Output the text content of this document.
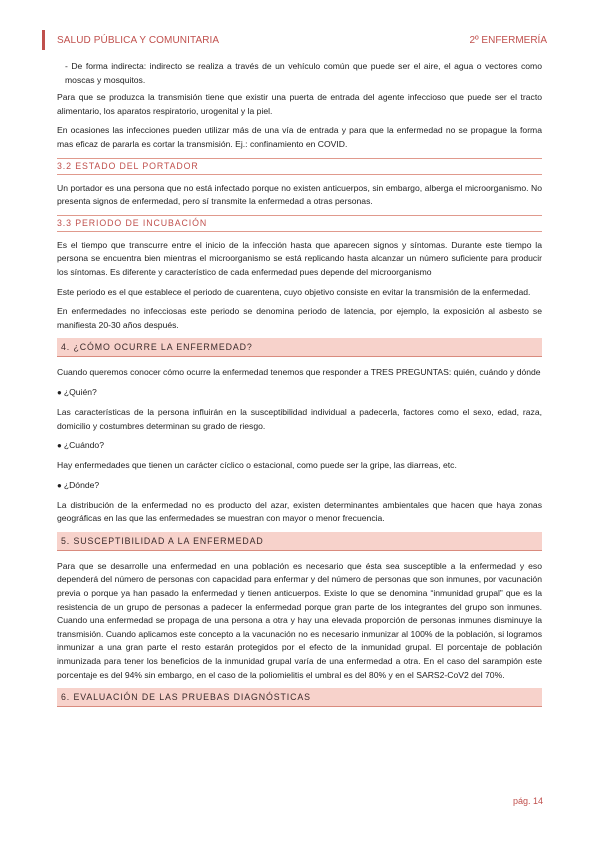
SALUD PÚBLICA Y COMUNITARIA	2º ENFERMERÍA

- De forma indirecta: indirecto se realiza a través de un vehículo común que puede ser el aire, el agua o vectores como moscas y mosquitos.

Para que se produzca la transmisión tiene que existir una puerta de entrada del agente infeccioso que puede ser el tracto alimentario, los aparatos respiratorio, urogenital y la piel.

En ocasiones las infecciones pueden utilizar más de una vía de entrada y para que la enfermedad no se propague la forma mas eficaz de pararla es cortar la transmisión. Ej.: confinamiento en COVID.

3.2 ESTADO DEL PORTADOR

Un portador es una persona que no está infectado porque no existen anticuerpos, sin embargo, alberga el microorganismo. No presenta signos de enfermedad, pero sí transmite la enfermedad a otras personas.

3.3 PERIODO DE INCUBACIÓN

Es el tiempo que transcurre entre el inicio de la infección hasta que aparecen signos y síntomas. Durante este tiempo la persona se encuentra bien mientras el microorganismo se está replicando hasta alcanzar un número suficiente para producir los síntomas. Es diferente y característico de cada enfermedad pues depende del microorganismo

Este periodo es el que establece el periodo de cuarentena, cuyo objetivo consiste en evitar la transmisión de la enfermedad.

En enfermedades no infecciosas este periodo se denomina periodo de latencia, por ejemplo, la exposición al asbesto se manifiesta 20-30 años después.

4. ¿CÓMO OCURRE LA ENFERMEDAD?

Cuando queremos conocer cómo ocurre la enfermedad tenemos que responder a TRES PREGUNTAS: quién, cuándo y dónde

● ¿Quién?

Las características de la persona influirán en la susceptibilidad individual a padecerla, factores como el sexo, edad, raza, domicilio y costumbres determinan su grado de riesgo.

● ¿Cuándo?

Hay enfermedades que tienen un carácter cíclico o estacional, como puede ser la gripe, las diarreas, etc.

● ¿Dónde?

La distribución de la enfermedad no es producto del azar, existen determinantes ambientales que hacen que haya zonas geográficas en las que las enfermedades se muestran con mayor o menor frecuencia.

5. SUSCEPTIBILIDAD A LA ENFERMEDAD

Para que se desarrolle una enfermedad en una población es necesario que ésta sea susceptible a la enfermedad y eso dependerá del número de personas con capacidad para enfermar y del número de personas que son inmunes, por vacunación previa o porque ya han pasado la enfermedad y tienen anticuerpos. Existe lo que se denomina “inmunidad grupal” que es la resistencia de un grupo de personas a padecer la enfermedad porque gran parte de los integrantes del grupo son inmunes. Cuando una enfermedad se propaga de una persona a otra y hay una elevada proporción de personas inmunes disminuye la transmisión. Cuando aplicamos este concepto a la vacunación no es necesario inmunizar al 100% de la población, si logramos inmunizar a una gran parte el resto estarán protegidos por el efecto de la inmunidad grupal. El porcentaje de población inmunizada para tener los beneficios de la inmunidad grupal varía de una enfermedad a otra. En el caso del sarampión este porcentaje es del 94% sin embargo, en el caso de la poliomielitis el umbral es del 80% y en el SARS2-CoV2 del 70%.

6. EVALUACIÓN DE LAS PRUEBAS DIAGNÓSTICAS
pág. 14
